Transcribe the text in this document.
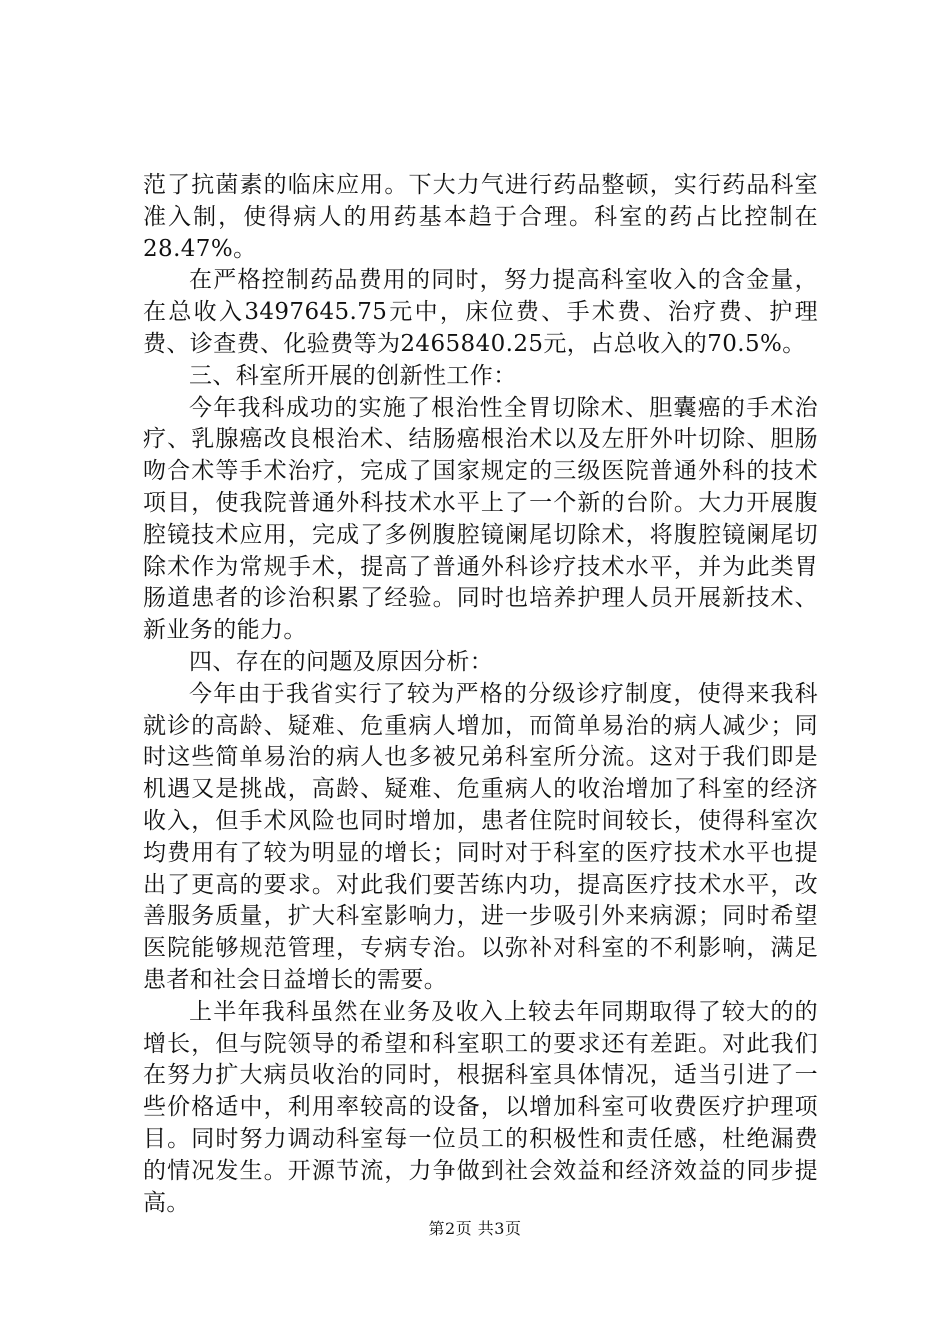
范了抗菌素的临床应用。下大力气进行药品整顿，实行药品科室准入制，使得病人的用药基本趋于合理。科室的药占比控制在28.47%。

在严格控制药品费用的同时，努力提高科室收入的含金量，在总收入3497645.75元中，床位费、手术费、治疗费、护理费、诊查费、化验费等为2465840.25元，占总收入的70.5%。

三、科室所开展的创新性工作：

今年我科成功的实施了根治性全胃切除术、胆囊癌的手术治疗、乳腺癌改良根治术、结肠癌根治术以及左肝外叶切除、胆肠吻合术等手术治疗，完成了国家规定的三级医院普通外科的技术项目，使我院普通外科技术水平上了一个新的台阶。大力开展腹腔镜技术应用，完成了多例腹腔镜阑尾切除术，将腹腔镜阑尾切除术作为常规手术，提高了普通外科诊疗技术水平，并为此类胃肠道患者的诊治积累了经验。同时也培养护理人员开展新技术、新业务的能力。

四、存在的问题及原因分析：

今年由于我省实行了较为严格的分级诊疗制度，使得来我科就诊的高龄、疑难、危重病人增加，而简单易治的病人减少；同时这些简单易治的病人也多被兄弟科室所分流。这对于我们即是机遇又是挑战，高龄、疑难、危重病人的收治增加了科室的经济收入，但手术风险也同时增加，患者住院时间较长，使得科室次均费用有了较为明显的增长；同时对于科室的医疗技术水平也提出了更高的要求。对此我们要苦练内功，提高医疗技术水平，改善服务质量，扩大科室影响力，进一步吸引外来病源；同时希望医院能够规范管理，专病专治。以弥补对科室的不利影响，满足患者和社会日益增长的需要。

上半年我科虽然在业务及收入上较去年同期取得了较大的的增长，但与院领导的希望和科室职工的要求还有差距。对此我们在努力扩大病员收治的同时，根据科室具体情况，适当引进了一些价格适中，利用率较高的设备，以增加科室可收费医疗护理项目。同时努力调动科室每一位员工的积极性和责任感，杜绝漏费的情况发生。开源节流，力争做到社会效益和经济效益的同步提高。

第2页 共3页
